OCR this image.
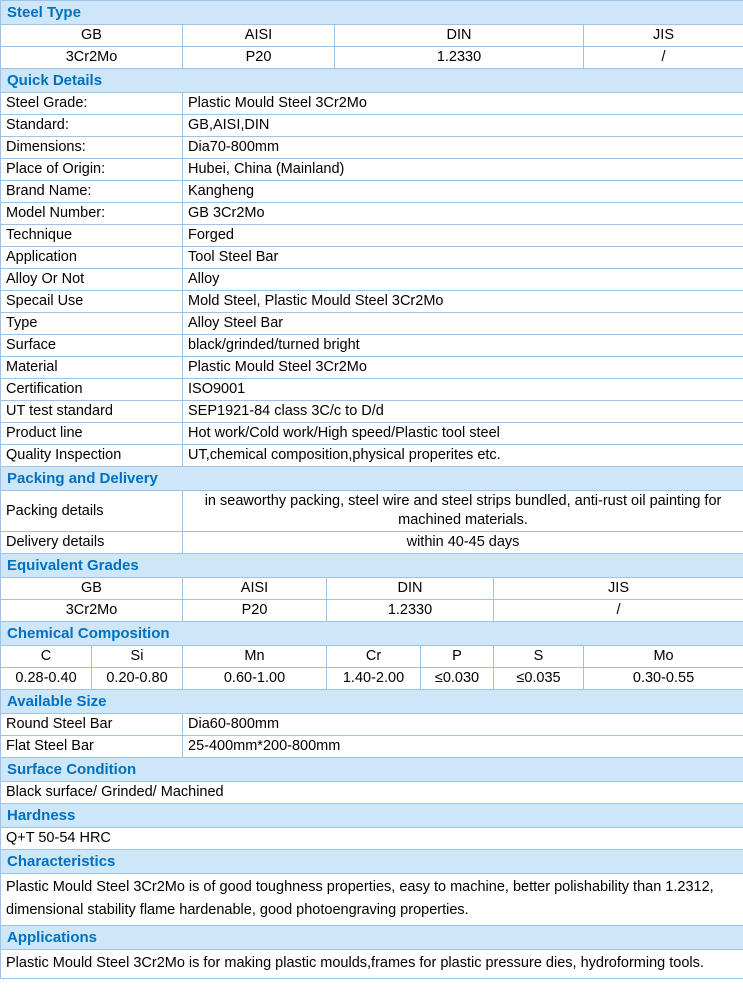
Steel Type							
GB		AISI		DIN			JIS
3Cr2Mo		P20		1.2330			/
Quick Details							
Steel Grade:		Plastic Mould Steel 3Cr2Mo					
Standard:		GB,AISI,DIN					
Dimensions:		Dia70-800mm					
Place of Origin:		Hubei, China (Mainland)					
Brand Name:		Kangheng					
Model Number:		GB 3Cr2Mo					
Technique		Forged					
Application		Tool Steel Bar					
Alloy Or Not		Alloy					
Specail Use		Mold Steel, Plastic Mould Steel 3Cr2Mo					
Type		Alloy Steel Bar					
Surface		black/grinded/turned bright					
Material		Plastic Mould Steel 3Cr2Mo					
Certification		ISO9001					
UT test standard		SEP1921-84 class 3C/c to D/d					
Product line		Hot work/Cold work/High speed/Plastic tool steel					
Quality Inspection		UT,chemical composition,physical properites etc.					
Packing and Delivery							
Packing details		in seaworthy packing, steel wire and steel strips bundled, anti-rust oil painting for machined materials.					
Delivery details		within 40-45 days					
Equivalent Grades							
GB		AISI	DIN			JIS	
3Cr2Mo		P20	1.2330			/	
Chemical Composition							
C	Si	Mn	Cr		P	S	Mo
0.28-0.40	0.20-0.80	0.60-1.00	1.40-2.00		≤0.030	≤0.035	0.30-0.55
Available Size							
Round Steel Bar		Dia60-800mm					
Flat Steel Bar		25-400mm*200-800mm					
Surface Condition							
Black surface/ Grinded/ Machined							
Hardness							
Q+T 50-54 HRC							
Characteristics							
Plastic Mould Steel 3Cr2Mo is of good toughness properties, easy to machine, better polishability than 1.2312, dimensional stability flame hardenable, good photoengraving properties.							
Applications							
Plastic Mould Steel 3Cr2Mo is for making plastic moulds,frames for plastic pressure dies, hydroforming tools.							
